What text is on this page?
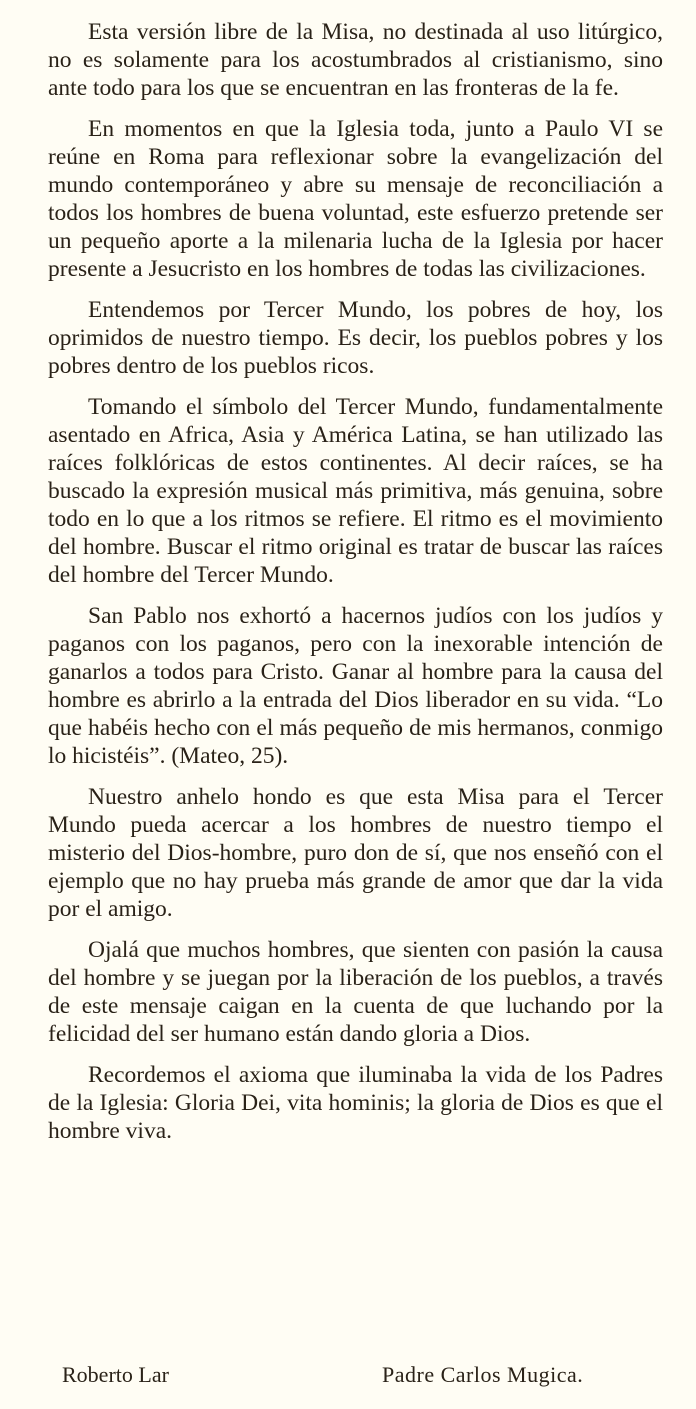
Esta versión libre de la Misa, no destinada al uso litúrgico, no es solamente para los acostumbrados al cristianismo, sino ante todo para los que se encuentran en las fronteras de la fe.

En momentos en que la Iglesia toda, junto a Paulo VI se reúne en Roma para reflexionar sobre la evangelización del mundo contemporáneo y abre su mensaje de reconciliación a todos los hombres de buena voluntad, este esfuerzo pretende ser un pequeño aporte a la milenaria lucha de la Iglesia por hacer presente a Jesucristo en los hombres de todas las civilizaciones.

Entendemos por Tercer Mundo, los pobres de hoy, los oprimidos de nuestro tiempo. Es decir, los pueblos pobres y los pobres dentro de los pueblos ricos.

Tomando el símbolo del Tercer Mundo, fundamentalmente asentado en Africa, Asia y América Latina, se han utilizado las raíces folklóricas de estos continentes. Al decir raíces, se ha buscado la expresión musical más primitiva, más genuina, sobre todo en lo que a los ritmos se refiere. El ritmo es el movimiento del hombre. Buscar el ritmo original es tratar de buscar las raíces del hombre del Tercer Mundo.

San Pablo nos exhortó a hacernos judíos con los judíos y paganos con los paganos, pero con la inexorable intención de ganarlos a todos para Cristo. Ganar al hombre para la causa del hombre es abrirlo a la entrada del Dios liberador en su vida. “Lo que habéis hecho con el más pequeño de mis hermanos, conmigo lo hicistéis”. (Mateo, 25).

Nuestro anhelo hondo es que esta Misa para el Tercer Mundo pueda acercar a los hombres de nuestro tiempo el misterio del Dios-hombre, puro don de sí, que nos enseñó con el ejemplo que no hay prueba más grande de amor que dar la vida por el amigo.

Ojalá que muchos hombres, que sienten con pasión la causa del hombre y se juegan por la liberación de los pueblos, a través de este mensaje caigan en la cuenta de que luchando por la felicidad del ser humano están dando gloria a Dios.

Recordemos el axioma que iluminaba la vida de los Padres de la Iglesia: Gloria Dei, vita hominis; la gloria de Dios es que el hombre viva.

Roberto Lar	Padre Carlos Mugica.
